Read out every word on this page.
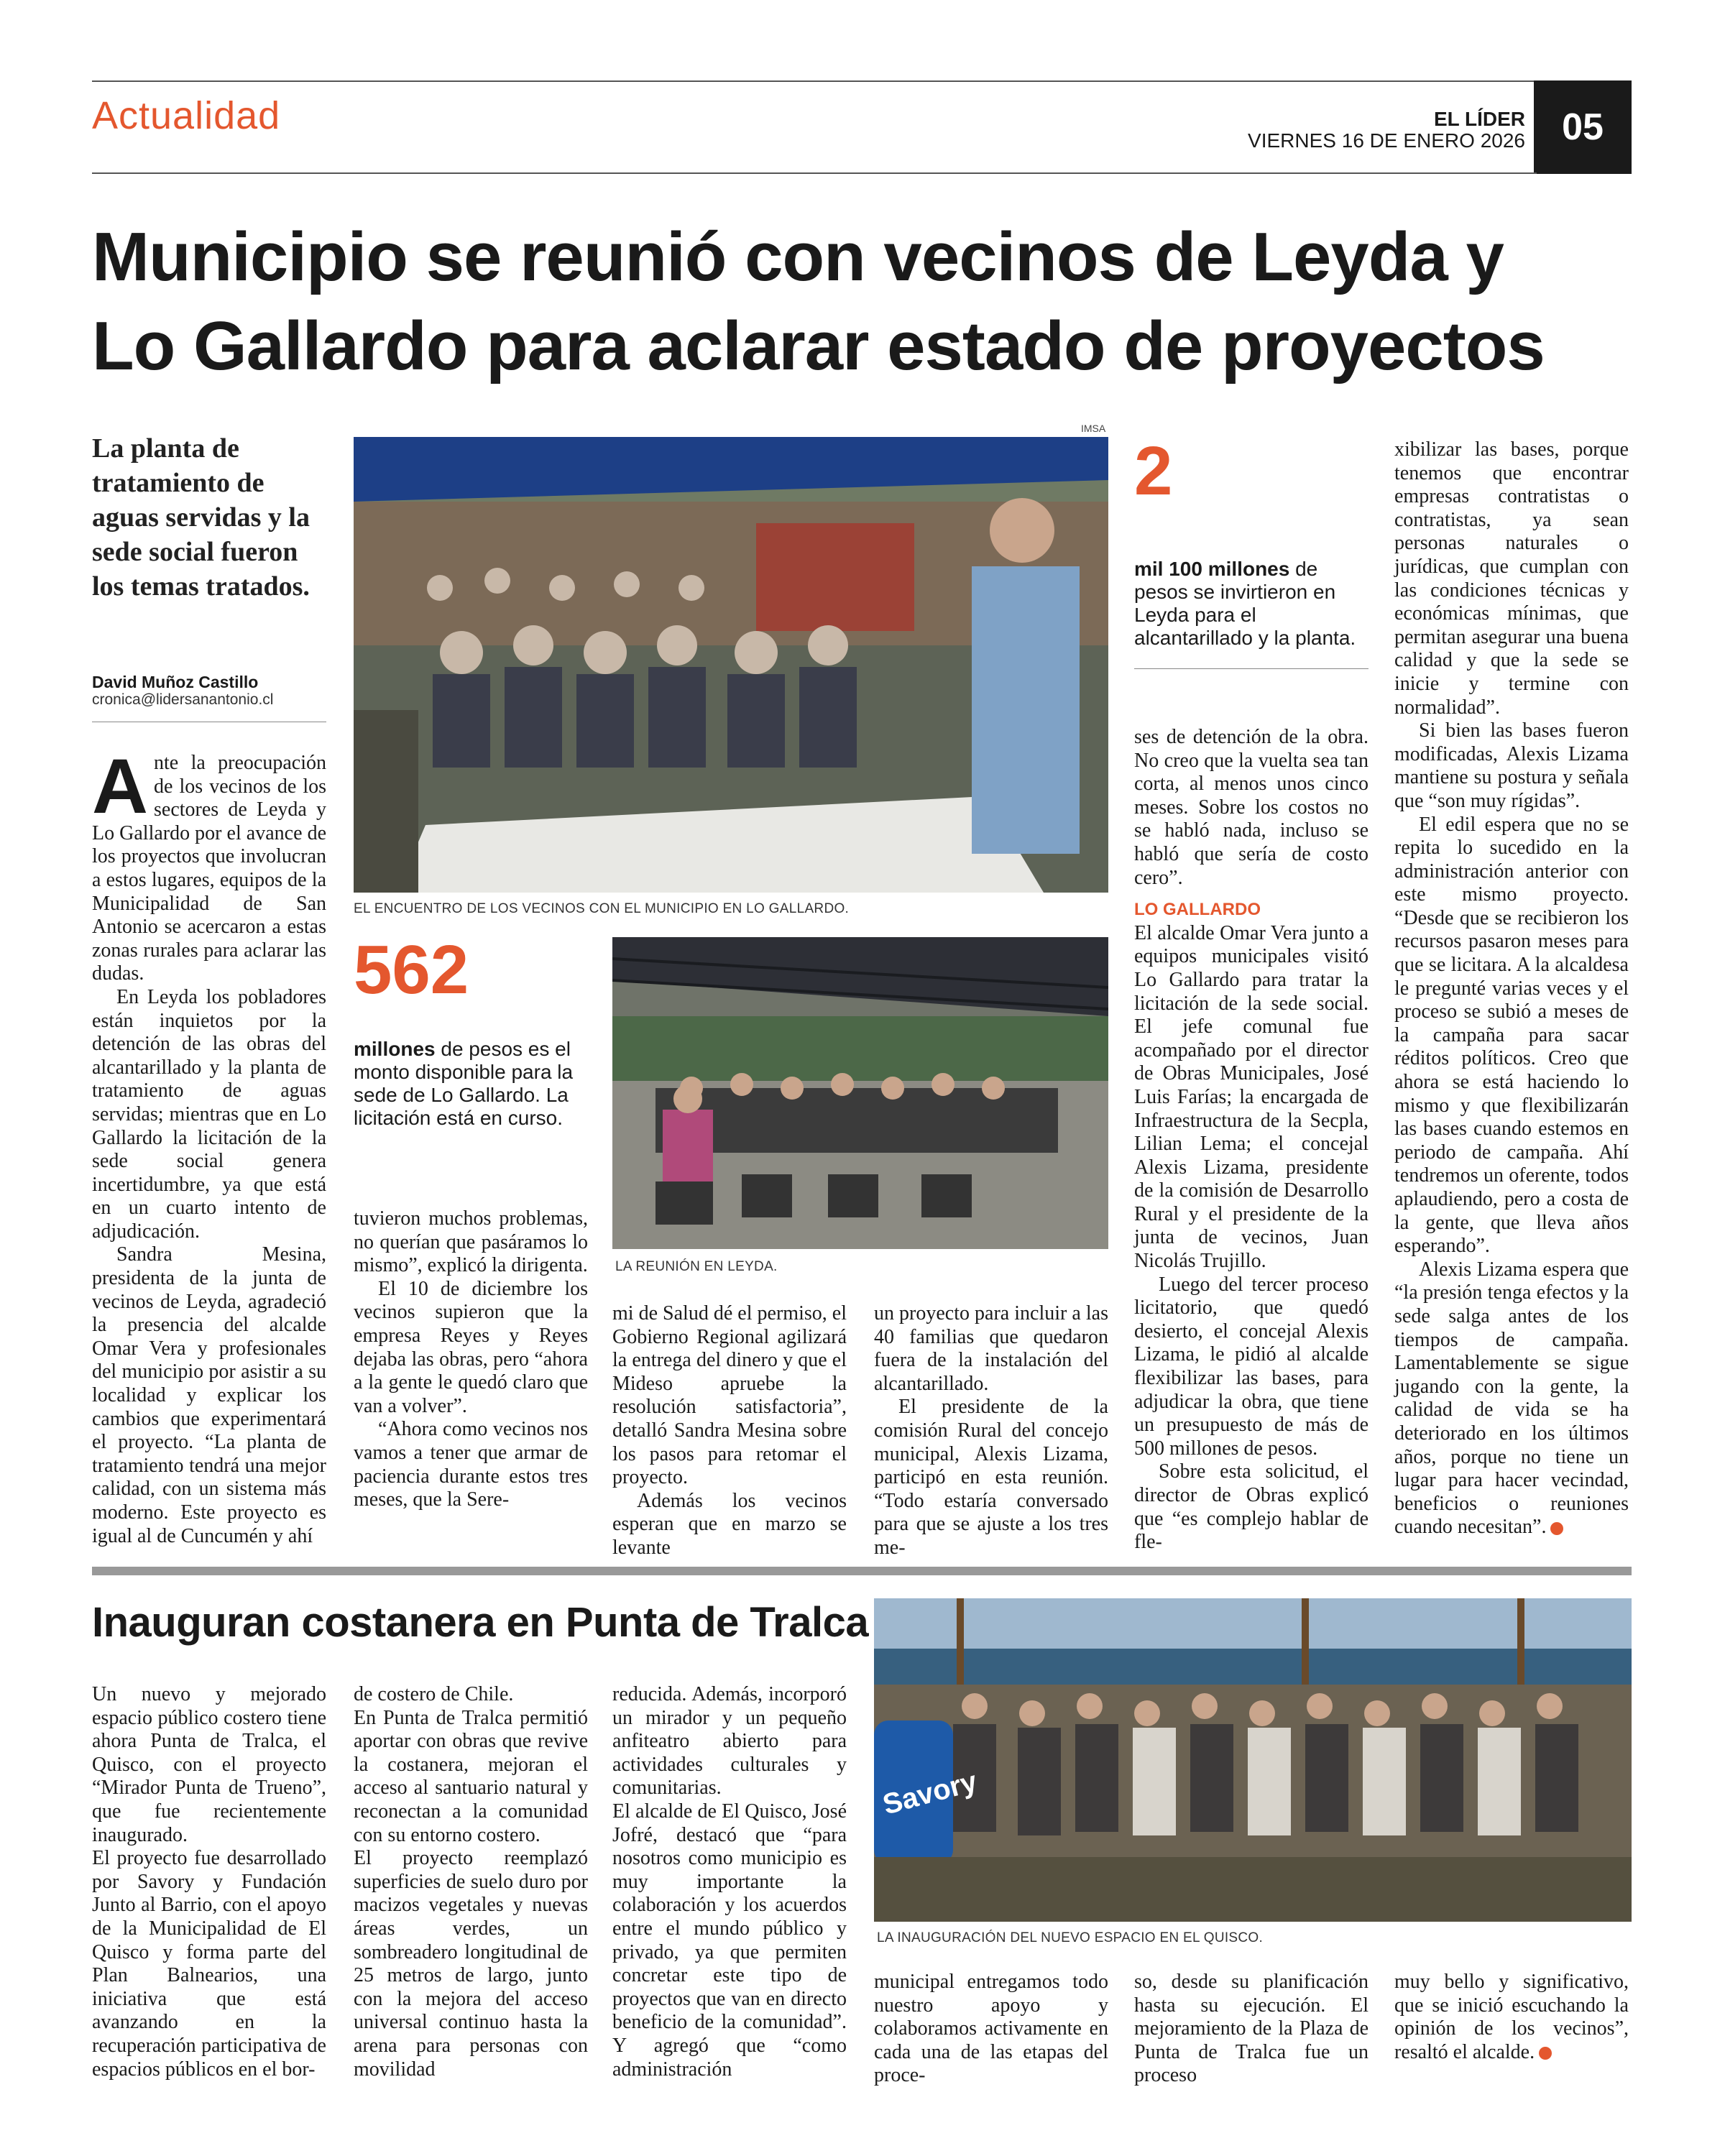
Actualidad	EL LÍDER
VIERNES 16 DE ENERO 2026 05
Municipio se reunió con vecinos de Leyda y
Lo Gallardo para aclarar estado de proyectos
La planta de tratamiento de aguas servidas y la sede social fueron los temas tratados.
David Muñoz Castillo
cronica@lidersanantonio.cl
IMSA
EL ENCUENTRO DE LOS VECINOS CON EL MUNICIPIO EN LO GALLARDO.
2
mil 100 millones de pesos se invirtieron en Leyda para el alcantarillado y la planta.
562
millones de pesos es el monto disponible para la sede de Lo Gallardo. La licitación está en curso.
LA REUNIÓN EN LEYDA.

Ante la preocupación de los vecinos de los sectores de Leyda y Lo Gallardo por el avance de los proyectos que involucran a estos lugares, equipos de la Municipalidad de San Antonio se acercaron a estas zonas rurales para aclarar las dudas.

En Leyda los pobladores están inquietos por la detención de las obras del alcantarillado y la planta de tratamiento de aguas servidas; mientras que en Lo Gallardo la licitación de la sede social genera incertidumbre, ya que está en un cuarto intento de adjudicación.

Sandra Mesina, presidenta de la junta de vecinos de Leyda, agradeció la presencia del alcalde Omar Vera y profesionales del municipio por asistir a su localidad y explicar los cambios que experimentará el proyecto. “La planta de tratamiento tendrá una mejor calidad, con un sistema más moderno. Este proyecto es igual al de Cuncumén y ahí

tuvieron muchos problemas, no querían que pasáramos lo mismo”, explicó la dirigenta.

El 10 de diciembre los vecinos supieron que la empresa Reyes y Reyes dejaba las obras, pero “ahora a la gente le quedó claro que van a volver”.

“Ahora como vecinos nos vamos a tener que armar de paciencia durante estos tres meses, que la Sere-

mi de Salud dé el permiso, el Gobierno Regional agilizará la entrega del dinero y que el Mideso apruebe la resolución satisfactoria”, detalló Sandra Mesina sobre los pasos para retomar el proyecto.

Además los vecinos esperan que en marzo se levante

un proyecto para incluir a las 40 familias que quedaron fuera de la instalación del alcantarillado.

El presidente de la comisión Rural del concejo municipal, Alexis Lizama, participó en esta reunión. “Todo estaría conversado para que se ajuste a los tres me-

ses de detención de la obra. No creo que la vuelta sea tan corta, al menos unos cinco meses. Sobre los costos no se habló nada, incluso se habló que sería de costo cero”.

LO GALLARDO

El alcalde Omar Vera junto a equipos municipales visitó Lo Gallardo para tratar la licitación de la sede social. El jefe comunal fue acompañado por el director de Obras Municipales, José Luis Farías; la encargada de Infraestructura de la Secpla, Lilian Lema; el concejal Alexis Lizama, presidente de la comisión de Desarrollo Rural y el presidente de la junta de vecinos, Juan Nicolás Trujillo.

Luego del tercer proceso licitatorio, que quedó desierto, el concejal Alexis Lizama, le pidió al alcalde flexibilizar las bases, para adjudicar la obra, que tiene un presupuesto de más de 500 millones de pesos.

Sobre esta solicitud, el director de Obras explicó que “es complejo hablar de fle-

xibilizar las bases, porque tenemos que encontrar empresas contratistas o contratistas, ya sean personas naturales o jurídicas, que cumplan con las condiciones técnicas y económicas mínimas, que permitan asegurar una buena calidad y que la sede se inicie y termine con normalidad”.

Si bien las bases fueron modificadas, Alexis Lizama mantiene su postura y señala que “son muy rígidas”.

El edil espera que no se repita lo sucedido en la administración anterior con este mismo proyecto. “Desde que se recibieron los recursos pasaron meses para que se licitara. A la alcaldesa le pregunté varias veces y el proceso se subió a meses de la campaña para sacar réditos políticos. Creo que ahora se está haciendo lo mismo y que flexibilizarán las bases cuando estemos en periodo de campaña. Ahí tendremos un oferente, todos aplaudiendo, pero a costa de la gente, que lleva años esperando”.

Alexis Lizama espera que “la presión tenga efectos y la sede salga antes de los tiempos de campaña. Lamentablemente se sigue jugando con la gente, la calidad de vida se ha deteriorado en los últimos años, porque no tiene un lugar para hacer vecindad, beneficios o reuniones cuando necesitan”.

Inauguran costanera en Punta de Tralca
Savory
LA INAUGURACIÓN DEL NUEVO ESPACIO EN EL QUISCO.

Un nuevo y mejorado espacio público costero tiene ahora Punta de Tralca, el Quisco, con el proyecto “Mirador Punta de Trueno”, que fue recientemente inaugurado.

El proyecto fue desarrollado por Savory y Fundación Junto al Barrio, con el apoyo de la Municipalidad de El Quisco y forma parte del Plan Balnearios, una iniciativa que está avanzando en la recuperación participativa de espacios públicos en el bor-

de costero de Chile.

En Punta de Tralca permitió aportar con obras que revive la costanera, mejoran el acceso al santuario natural y reconectan a la comunidad con su entorno costero.

El proyecto reemplazó superficies de suelo duro por macizos vegetales y nuevas áreas verdes, un sombreadero longitudinal de 25 metros de largo, junto con la mejora del acceso universal continuo hasta la arena para personas con movilidad

reducida. Además, incorporó un mirador y un pequeño anfiteatro abierto para actividades culturales y comunitarias.

El alcalde de El Quisco, José Jofré, destacó que “para nosotros como municipio es muy importante la colaboración y los acuerdos entre el mundo público y privado, ya que permiten concretar este tipo de proyectos que van en directo beneficio de la comunidad”. Y agregó que “como administración

municipal entregamos todo nuestro apoyo y colaboramos activamente en cada una de las etapas del proce-

so, desde su planificación hasta su ejecución. El mejoramiento de la Plaza de Punta de Tralca fue un proceso

muy bello y significativo, que se inició escuchando la opinión de los vecinos”, resaltó el alcalde.
